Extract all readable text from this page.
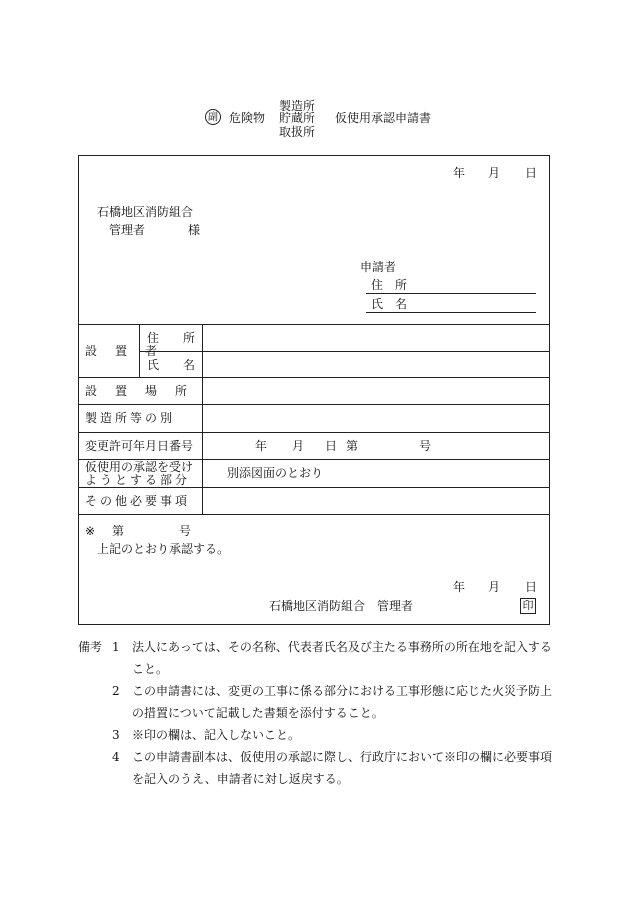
製造所
副 危険物 貯蔵所 仮使用承認申請書
取扱所
年 月 日
石橋地区消防組合
管理者	様
申請者
住　所
氏　名
設　置　者
住　　所
氏　　名
設　置　場　所
製造所等の別
変更許可年月日番号	年 月 日 第	号
仮使用の承認を受け
ようとする部分	別添図面のとおり
その他必要事項
※ 第	号
上記のとおり承認する。
年 月 日
石橋地区消防組合　管理者	印
備考 1	法人にあっては、その名称、代表者氏名及び主たる事務所の所在地を記入すること。
2	この申請書には、変更の工事に係る部分における工事形態に応じた火災予防上の措置について記載した書類を添付すること。
3	※印の欄は、記入しないこと。
4	この申請書副本は、仮使用の承認に際し、行政庁において※印の欄に必要事項を記入のうえ、申請者に対し返戻する。
